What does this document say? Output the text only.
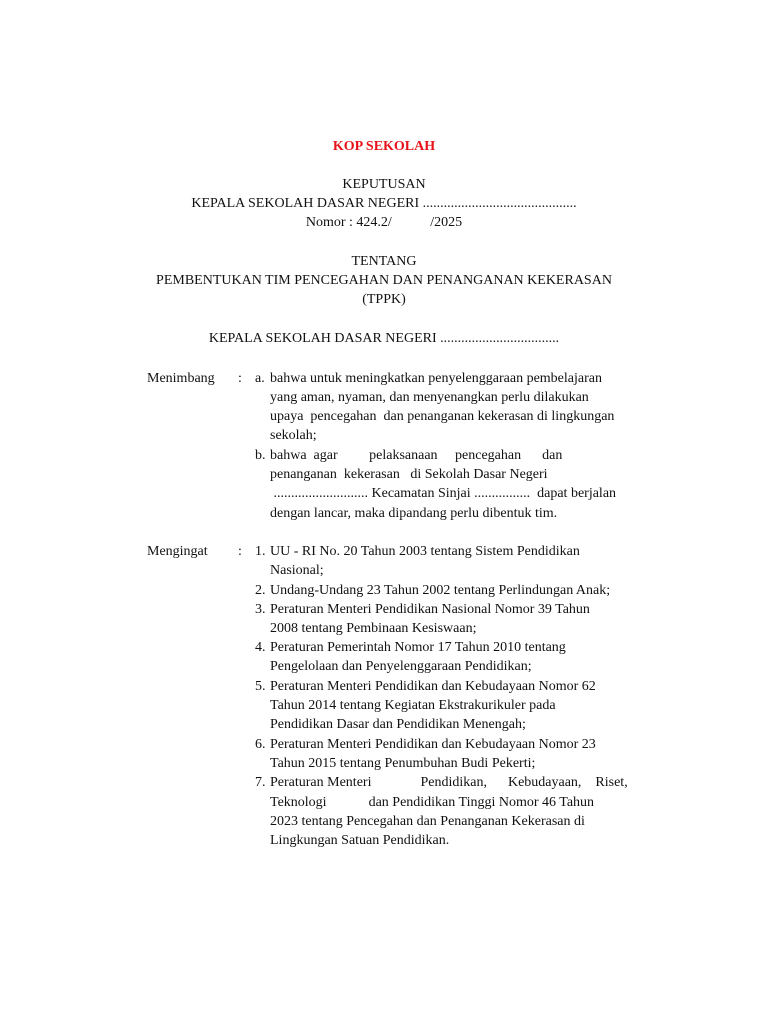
KOP SEKOLAH
KEPUTUSAN
KEPALA SEKOLAH DASAR NEGERI ............................................
Nomor : 424.2/           /2025
TENTANG
PEMBENTUKAN TIM PENCEGAHAN DAN PENANGANAN KEKERASAN
(TPPK)
KEPALA SEKOLAH DASAR NEGERI ..................................
Menimbang : a. bahwa untuk meningkatkan penyelenggaraan pembelajaran
yang aman, nyaman, dan menyenangkan perlu dilakukan
upaya  pencegahan  dan penanganan kekerasan di lingkungan
sekolah;
b. bahwa  agar         pelaksanaan     pencegahan      dan
penanganan  kekerasan   di Sekolah Dasar Negeri
........................... Kecamatan Sinjai ................  dapat berjalan
dengan lancar, maka dipandang perlu dibentuk tim.
Mengingat : 1. UU - RI No. 20 Tahun 2003 tentang Sistem Pendidikan
Nasional;
2. Undang-Undang 23 Tahun 2002 tentang Perlindungan Anak;
3. Peraturan Menteri Pendidikan Nasional Nomor 39 Tahun
2008 tentang Pembinaan Kesiswaan;
4. Peraturan Pemerintah Nomor 17 Tahun 2010 tentang
Pengelolaan dan Penyelenggaraan Pendidikan;
5. Peraturan Menteri Pendidikan dan Kebudayaan Nomor 62
Tahun 2014 tentang Kegiatan Ekstrakurikuler pada
Pendidikan Dasar dan Pendidikan Menengah;
6. Peraturan Menteri Pendidikan dan Kebudayaan Nomor 23
Tahun 2015 tentang Penumbuhan Budi Pekerti;
7. Peraturan Menteri              Pendidikan,      Kebudayaan,    Riset,
Teknologi            dan Pendidikan Tinggi Nomor 46 Tahun
2023 tentang Pencegahan dan Penanganan Kekerasan di
Lingkungan Satuan Pendidikan.
